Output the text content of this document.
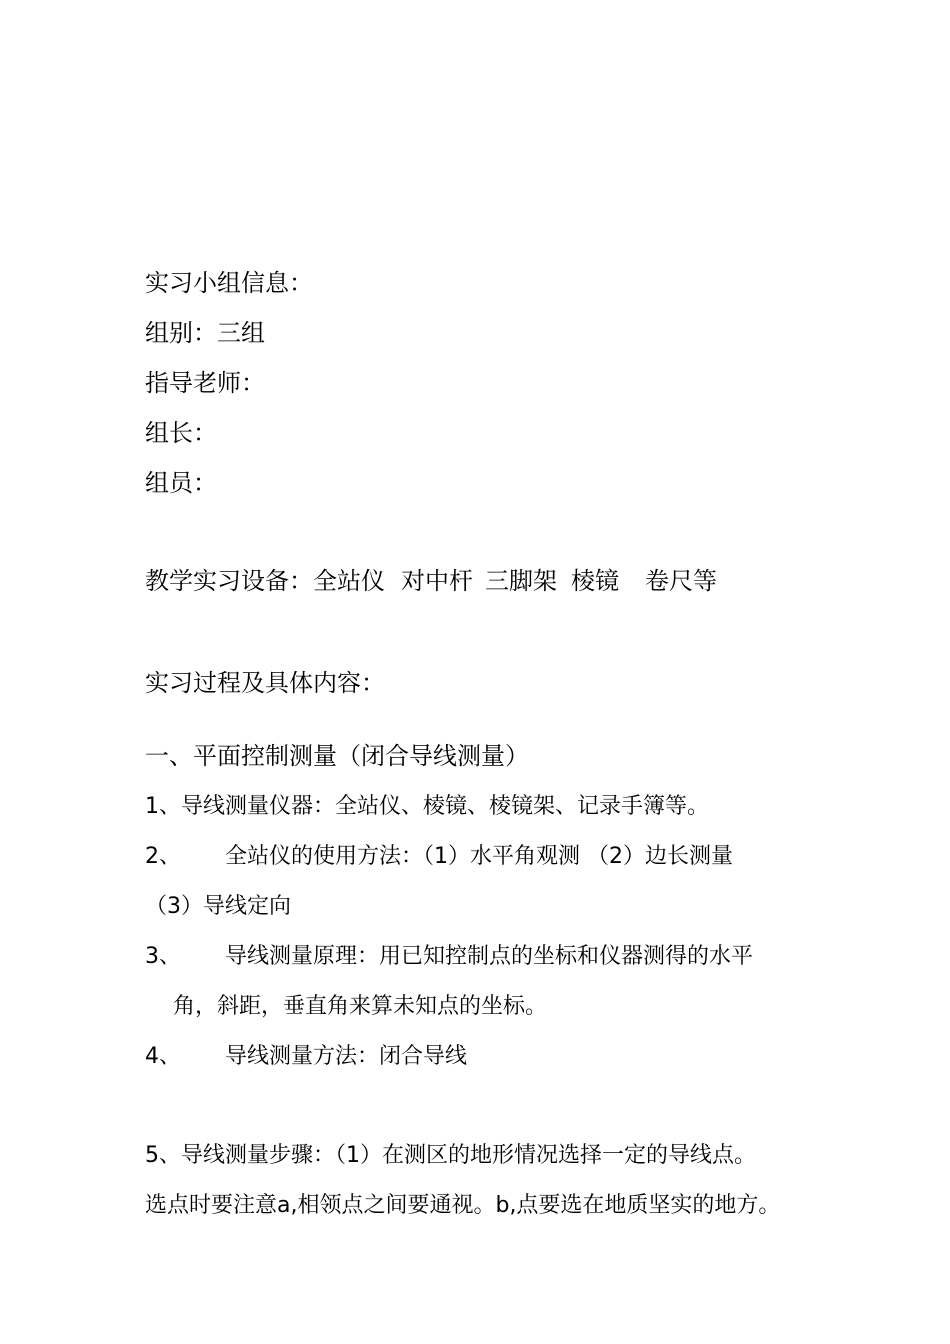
实习小组信息：
组别：三组
指导老师：
组长：
组员：
教学实习设备：全站仪 对中杆 三脚架 棱镜 卷尺等
实习过程及具体内容：
一、平面控制测量（闭合导线测量）
1、导线测量仪器：全站仪、棱镜、棱镜架、记录手簿等。
2、 全站仪的使用方法：（1）水平角观测 （2）边长测量
（3）导线定向
3、 导线测量原理：用已知控制点的坐标和仪器测得的水平
角，斜距，垂直角来算未知点的坐标。
4、 导线测量方法：闭合导线
5、导线测量步骤：（1）在测区的地形情况选择一定的导线点。
选点时要注意a,相领点之间要通视。b,点要选在地质坚实的地方。
